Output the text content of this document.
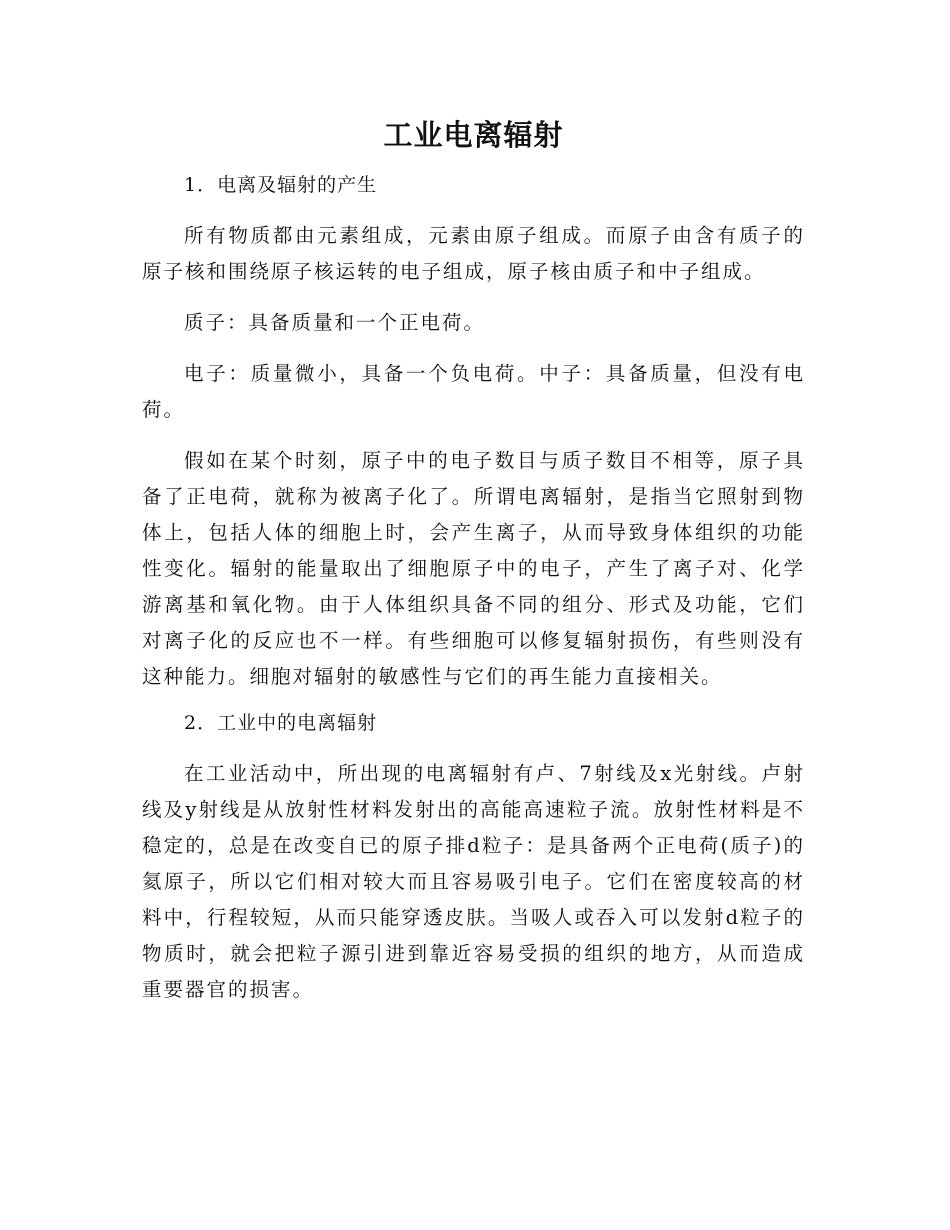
工业电离辐射
1．电离及辐射的产生

所有物质都由元素组成，元素由原子组成。而原子由含有质子的原子核和围绕原子核运转的电子组成，原子核由质子和中子组成。

质子：具备质量和一个正电荷。

电子：质量微小，具备一个负电荷。中子：具备质量，但没有电荷。

假如在某个时刻，原子中的电子数目与质子数目不相等，原子具备了正电荷，就称为被离子化了。所谓电离辐射，是指当它照射到物体上，包括人体的细胞上时，会产生离子，从而导致身体组织的功能性变化。辐射的能量取出了细胞原子中的电子，产生了离子对、化学游离基和氧化物。由于人体组织具备不同的组分、形式及功能，它们对离子化的反应也不一样。有些细胞可以修复辐射损伤，有些则没有这种能力。细胞对辐射的敏感性与它们的再生能力直接相关。

2．工业中的电离辐射

在工业活动中，所出现的电离辐射有卢、7射线及x光射线。卢射线及y射线是从放射性材料发射出的高能高速粒子流。放射性材料是不稳定的，总是在改变自已的原子排d粒子：是具备两个正电荷(质子)的氦原子，所以它们相对较大而且容易吸引电子。它们在密度较高的材料中，行程较短，从而只能穿透皮肤。当吸人或吞入可以发射d粒子的物质时，就会把粒子源引进到靠近容易受损的组织的地方，从而造成重要器官的损害。
